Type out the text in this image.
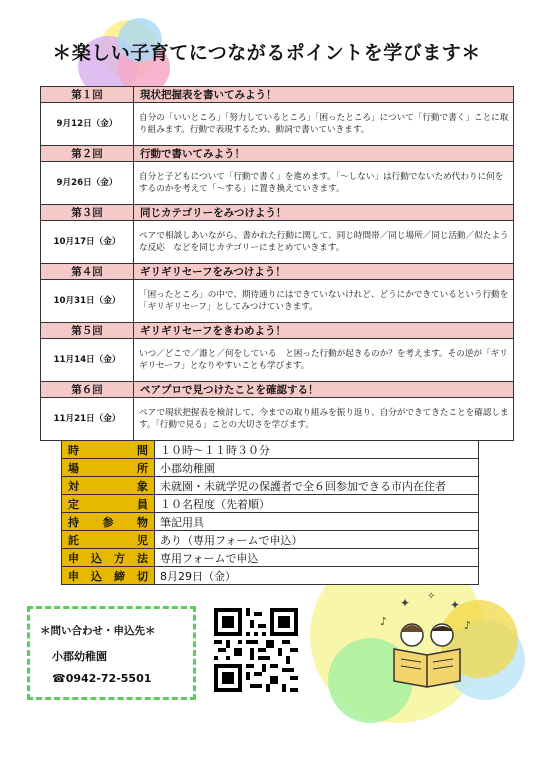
＊楽しい子育てにつながるポイントを学びます＊
第１回	現状把握表を書いてみよう！
9月12日（金）	自分の「いいところ」「努力しているところ」「困ったところ」について「行動で書く」ことに取り組みます。行動で表現するため、動詞で書いていきます。
第２回	行動で書いてみよう！
9月26日（金）	自分と子どもについて「行動で書く」を進めます。「～しない」は行動でないため代わりに何をするのかを考えて「～する」に置き換えていきます。
第３回	同じカテゴリーをみつけよう！
10月17日（金）	ペアで相談しあいながら、書かれた行動に関して、同じ時間帯／同じ場所／同じ活動／似たような反応　などを同じカテゴリーにまとめていきます。
第４回	ギリギリセーフをみつけよう！
10月31日（金）	「困ったところ」の中で、期待通りにはできていないけれど、どうにかできているという行動を「ギリギリセーフ」としてみつけていきます。
第５回	ギリギリセーフをきわめよう！
11月14日（金）	いつ／どこで／誰と／何をしている　と困った行動が起きるのか？を考えます。その逆が「ギリギリセーフ」となりやすいことも学びます。
第６回	ペアプロで見つけたことを確認する！
11月21日（金）	ペアで現状把握表を検討して、今までの取り組みを振り返り、自分ができてきたことを確認します。「行動で見る」ことの大切さを学びます。
時間	１０時～１１時３０分
場所	小郡幼稚園
対象	未就園・未就学児の保護者で全６回参加できる市内在住者
定員	１０名程度（先着順）
持参物	筆記用具
託児	あり（専用フォームで申込）
申込方法	専用フォームで申込
申込締切	8月29日（金）
＊問い合わせ・申込先＊
小郡幼稚園
☎0942-72-5501
✦ ✧
✦
♪	♪
